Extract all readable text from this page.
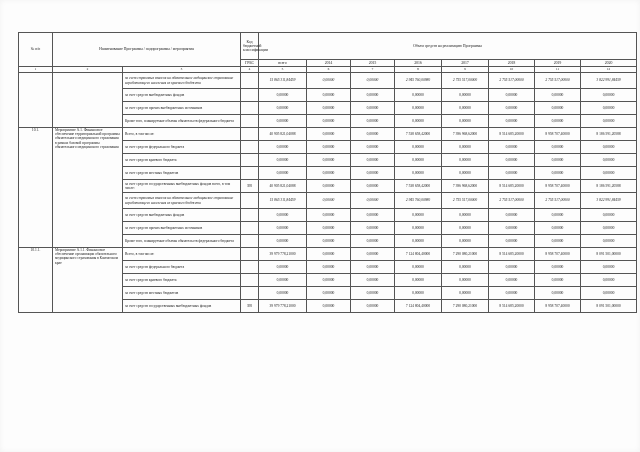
№ п/п	Наименование Программы / подпрограммы / мероприятия		Код бюджетной классификации	Объем средств на реализацию Программы							
			ГРБС	всего	2014	2015	2016	2017	2018	2019	2020
1	2	3	4	5	6	7	8	9	10	11	12
		за счет страховых взносов на обязательное медицинское страхование неработающего населения из краевого бюджета		15 865 311,84459	0,00000	0,00000	2 945 760,00980	2 755 517,00000	2 755 517,00000	2 755 517,00000	3 822 991,84459
		за счет средств внебюджетных фондов		0,00000	0,00000	0,00000	0,00000	0,00000	0,00000	0,00000	0,00000
		за счет средств прочих внебюджетных источников		0,00000	0,00000	0,00000	0,00000	0,00000	0,00000	0,00000	0,00000
		Кроме того, планируемые объемы обязательств федерального бюджета		0,00000	0,00000	0,00000	0,00000	0,00000	0,00000	0,00000	0,00000
10.1.	Мероприятие А.1. Финансовое обеспечение территориальной программы обязательного медицинского страхования в рамках базовой программы обязательного медицинского страхования	Всего, в том числе:		40 905 821,04088	0,00000	0,00000	7 538 658,42000	7 396 968,62000	8 514 685,20000	8 958 707,40000	8 186 591,20588
		за счет средств федерального бюджета		0,00000	0,00000	0,00000	0,00000	0,00000	0,00000	0,00000	0,00000
		за счет средств краевого бюджета		0,00000	0,00000	0,00000	0,00000	0,00000	0,00000	0,00000	0,00000
		за счет средств местных бюджетов		0,00000	0,00000	0,00000	0,00000	0,00000	0,00000	0,00000	0,00000
		за счет средств государственных внебюджетных фондов всего, в том числе:	395	40 905 821,04088	0,00000	0,00000	7 538 658,42000	7 396 968,62000	8 514 685,20000	8 958 707,40000	8 186 591,20588
		за счет страховых взносов на обязательное медицинское страхование неработающего населения из краевого бюджета		15 865 311,84459	0,00000	0,00000	2 945 760,00980	2 755 517,00000	2 755 517,00000	2 755 517,00000	3 822 991,84459
		за счет средств внебюджетных фондов		0,00000	0,00000	0,00000	0,00000	0,00000	0,00000	0,00000	0,00000
		за счет средств прочих внебюджетных источников		0,00000	0,00000	0,00000	0,00000	0,00000	0,00000	0,00000	0,00000
		Кроме того, планируемые объемы обязательств федерального бюджета		0,00000	0,00000	0,00000	0,00000	0,00000	0,00000	0,00000	0,00000
10.1.1.	Мероприятие А.1.1. Финансовое обеспечение организации обязательного медицинского страхования в Камчатском крае	Всего, в том числе:		39 979 778,21000	0,00000	0,00000	7 124 804,40000	7 290 080,21000	8 514 685,20000	8 958 707,40000	8 091 501,00000
		за счет средств федерального бюджета		0,00000	0,00000	0,00000	0,00000	0,00000	0,00000	0,00000	0,00000
		за счет средств краевого бюджета		0,00000	0,00000	0,00000	0,00000	0,00000	0,00000	0,00000	0,00000
		за счет средств местных бюджетов		0,00000	0,00000	0,00000	0,00000	0,00000	0,00000	0,00000	0,00000
		за счет средств государственных внебюджетных фондов	395	39 979 778,21000	0,00000	0,00000	7 124 804,40000	7 290 080,21000	8 514 685,20000	8 958 707,40000	8 091 501,00000
